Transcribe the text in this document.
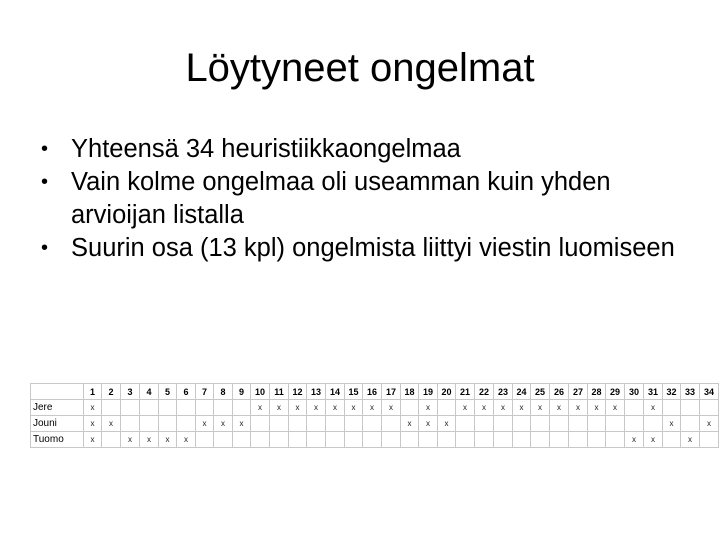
Löytyneet ongelmat
• Yhteensä 34 heuristiikkaongelmaa
• Vain kolme ongelmaa oli useamman kuin yhden arvioijan listalla
• Suurin osa (13 kpl) ongelmista liittyi viestin luomiseen
	1	2	3	4	5	6	7	8	9	10	11	12	13	14	15	16	17	18	19	20	21	22	23	24	25	26	27	28	29	30	31	32	33	34
Jere	x									x	x	x	x	x	x	x	x		x		x	x	x	x	x	x	x	x	x		x			
Jouni	x	x					x	x	x									x	x	x												x		x
Tuomo	x		x	x	x	x																								x	x		x	
